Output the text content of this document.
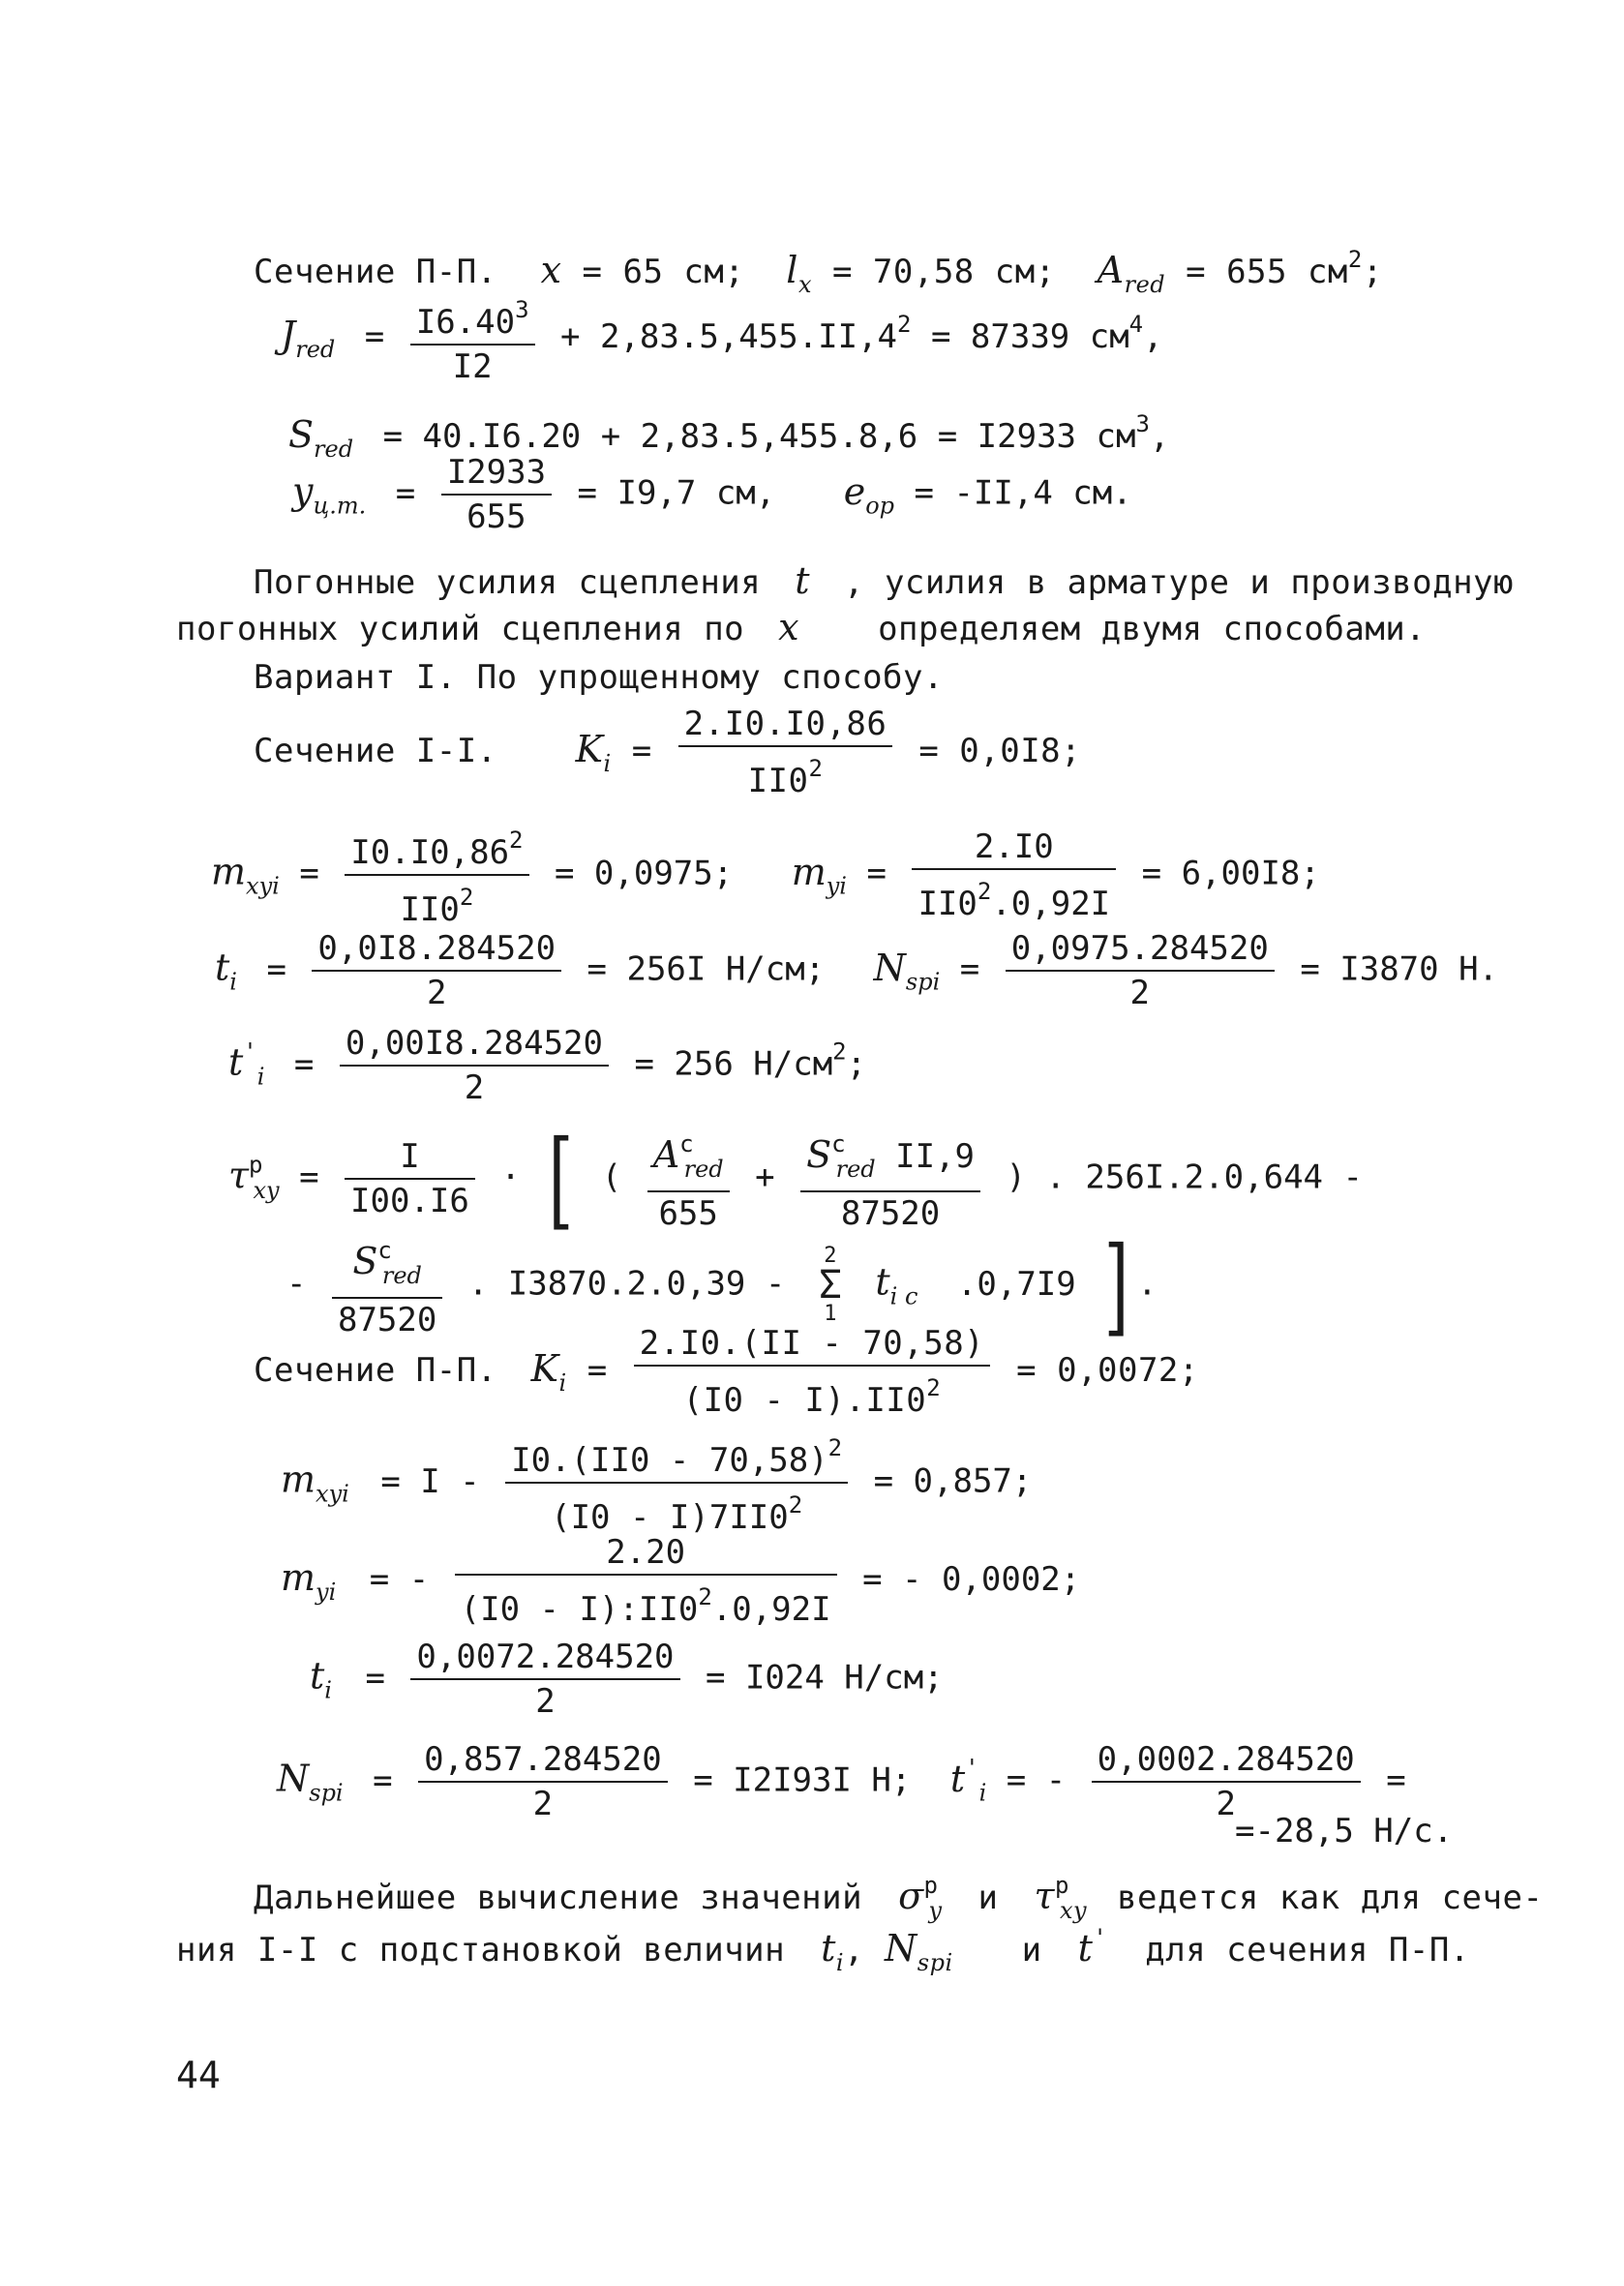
Сечение П-П. x = 65 см; $l_x = 70,58$ см; $A_{red} = 655$ $см^2$;
$J_{red} = \frac{I6.40^3}{I2} + 2,83.5,455.II,4^2 = 87339$ $см^4$,
$S_{red} = 40.I6.20 + 2,83.5,455.8,6 = I2933$ $см^3$,
$y_{ц.т.} = \frac{I2933}{655} = I9,7$ см, $e_{op} = -II,4$ см.
Погонные усилия сцепления t , усилия в арматуре и производную
погонных усилий сцепления по x определяем двумя способами.
Вариант I. По упрощенному способу.
Сечение I-I. $K_i = \frac{2.I0.I0,86}{II0^2} = 0,0I8$;
$m_{xyi} = \frac{I0.I0,86^2}{II0^2} = 0,0975$; $m_{yi} = \frac{2.I0}{II0^2.0,92I} = 6,00I8$;
$t_i = \frac{0,0I8.284520}{2} = 256I$ Н/см; $N_{spi} = \frac{0,0975.284520}{2} = I3870$ Н.
$t'_i = \frac{0,00I8.284520}{2} = 256$ $Н/см^2$;
$\tau^p_{xy} = \frac{I}{I00.I6}$ · [ ( $\frac{A^c_{red}}{655} + \frac{S^c_{red} II,9}{87520}$ ) . 256I.2.0,644 -
- $\frac{S^c_{red}}{87520}$ . I3870.2.0,39 -
2
Σ
1
$t_{i c}$ .0,7I9 ] .
Сечение П-П. $K_i = \frac{2.I0.(II - 70,58)}{(I0 - I).II0^2} = 0,0072$;
$m_{xyi} = I - \frac{I0.(II0 - 70,58)^2}{(I0 - I)7II0^2} = 0,857$;
$m_{yi}$ = - $\frac{2.20}{(I0 - I):II0^2.0,92I}$ = - 0,0002;
$t_i = \frac{0,0072.284520}{2} = I024$ Н/см;
$N_{spi} = \frac{0,857.284520}{2} = I2I93I$ Н; $t'_i$ = - $\frac{0,0002.284520}{2}$ =
=-28,5 Н/с.
Дальнейшее вычисление значений $\sigma^p_y$ и $\tau^p_{xy}$ ведется как для сече-
ния I-I с подстановкой величин $t_i$, $N_{spi}$ и t' для сечения П-П.
44
